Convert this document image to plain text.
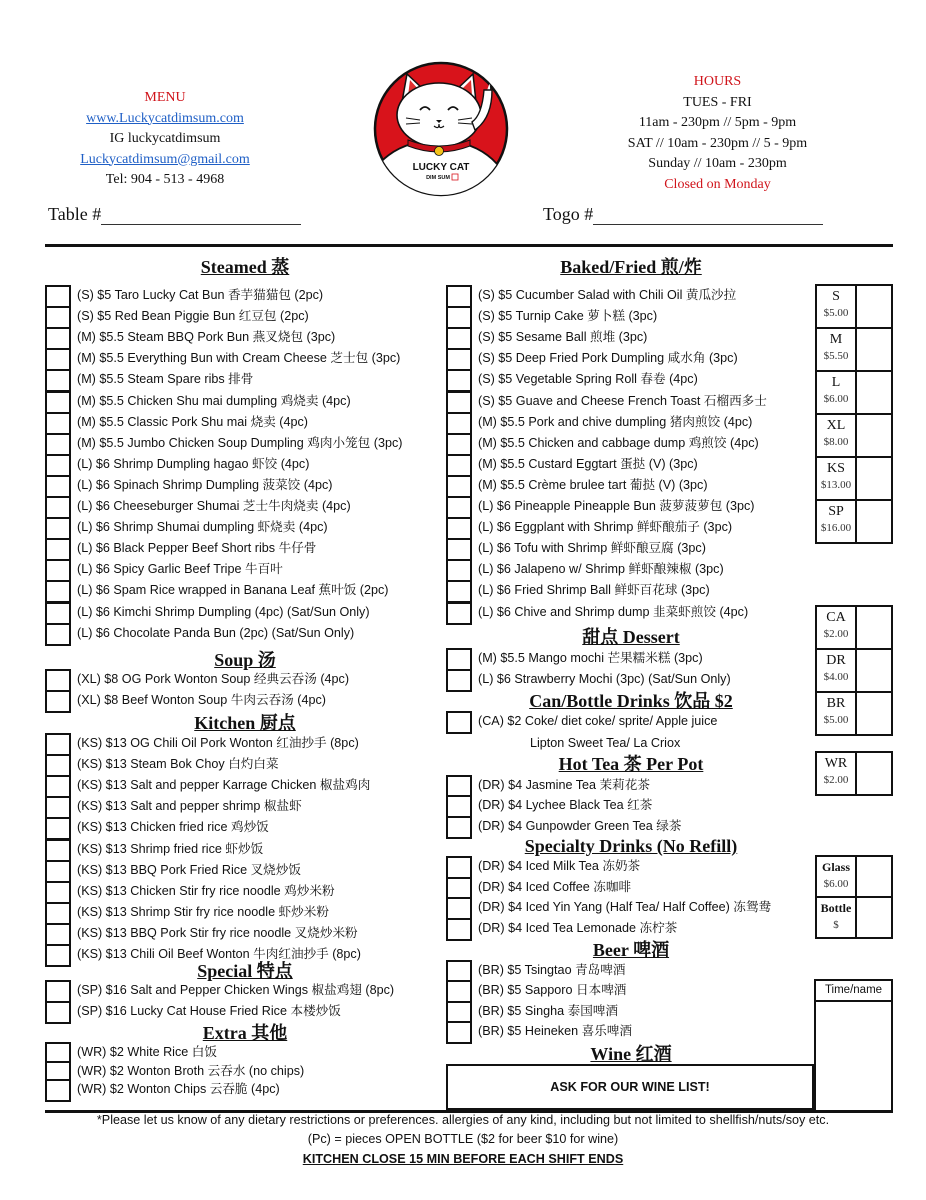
MENU
www.Luckycatdimsum.com
IG luckycatdimsum
Luckycatdimsum@gmail.com
Tel: 904 - 513 - 4968
LUCKY CAT
DIM SUM
HOURS
TUES - FRI
11am - 230pm // 5pm - 9pm
SAT // 10am - 230pm // 5 - 9pm
Sunday // 10am - 230pm
Closed on Monday
Table #	Togo #
Steamed 蒸
(S) $5 Taro Lucky Cat Bun 香芋猫猫包 (2pc)
(S) $5 Red Bean Piggie Bun 红豆包 (2pc)
(M) $5.5 Steam BBQ Pork Bun 燕叉烧包 (3pc)
(M) $5.5 Everything Bun with Cream Cheese 芝士包 (3pc)
(M) $5.5 Steam Spare ribs 排骨
(M) $5.5 Chicken Shu mai dumpling 鸡烧卖 (4pc)
(M) $5.5 Classic Pork Shu mai 烧卖 (4pc)
(M) $5.5 Jumbo Chicken Soup Dumpling 鸡肉小笼包 (3pc)
(L) $6 Shrimp Dumpling hagao 虾饺 (4pc)
(L) $6 Spinach Shrimp Dumpling 菠菜饺 (4pc)
(L) $6 Cheeseburger Shumai 芝士牛肉烧卖 (4pc)
(L) $6 Shrimp Shumai dumpling 虾烧卖 (4pc)
(L) $6 Black Pepper Beef Short ribs 牛仔骨
(L) $6 Spicy Garlic Beef Tripe 牛百叶
(L) $6 Spam Rice wrapped in Banana Leaf 蕉叶饭 (2pc)
(L) $6 Kimchi Shrimp Dumpling (4pc) (Sat/Sun Only)
(L) $6 Chocolate Panda Bun (2pc) (Sat/Sun Only)
Soup 汤
(XL) $8 OG Pork Wonton Soup 经典云吞汤 (4pc)
(XL) $8 Beef Wonton Soup 牛肉云吞汤 (4pc)
Kitchen 厨点
(KS) $13 OG Chili Oil Pork Wonton 红油抄手 (8pc)
(KS) $13 Steam Bok Choy 白灼白菜
(KS) $13 Salt and pepper Karrage Chicken 椒盐鸡肉
(KS) $13 Salt and pepper shrimp 椒盐虾
(KS) $13 Chicken fried rice 鸡炒饭
(KS) $13 Shrimp fried rice 虾炒饭
(KS) $13 BBQ Pork Fried Rice 叉烧炒饭
(KS) $13 Chicken Stir fry rice noodle 鸡炒米粉
(KS) $13 Shrimp Stir fry rice noodle 虾炒米粉
(KS) $13 BBQ Pork Stir fry rice noodle 叉烧炒米粉
(KS) $13 Chili Oil Beef Wonton 牛肉红油抄手 (8pc)
Special 特点
(SP) $16 Salt and Pepper Chicken Wings 椒盐鸡翅 (8pc)
(SP) $16 Lucky Cat House Fried Rice 本楼炒饭
Extra 其他
(WR) $2 White Rice 白饭
(WR) $2 Wonton Broth 云吞水 (no chips)
(WR) $2 Wonton Chips 云吞脆 (4pc)
Baked/Fried 煎/炸
(S) $5 Cucumber Salad with Chili Oil 黄瓜沙拉
(S) $5 Turnip Cake 萝卜糕 (3pc)
(S) $5 Sesame Ball 煎堆 (3pc)
(S) $5 Deep Fried Pork Dumpling 咸水角 (3pc)
(S) $5 Vegetable Spring Roll 春卷 (4pc)
(S) $5 Guave and Cheese French Toast 石榴西多士
(M) $5.5 Pork and chive dumpling 猪肉煎饺 (4pc)
(M) $5.5 Chicken and cabbage dump 鸡煎饺 (4pc)
(M) $5.5 Custard Eggtart 蛋挞 (V) (3pc)
(M) $5.5 Crème brulee tart 葡挞 (V) (3pc)
(L) $6 Pineapple Pineapple Bun 菠萝菠萝包 (3pc)
(L) $6 Eggplant with Shrimp 鲜虾酿茄子 (3pc)
(L) $6 Tofu with Shrimp 鲜虾酿豆腐 (3pc)
(L) $6 Jalapeno w/ Shrimp 鲜虾酿辣椒 (3pc)
(L) $6 Fried Shrimp Ball 鲜虾百花球 (3pc)
(L) $6 Chive and Shrimp dump 韭菜虾煎饺 (4pc)
甜点 Dessert
(M) $5.5 Mango mochi 芒果糯米糕 (3pc)
(L) $6 Strawberry Mochi (3pc) (Sat/Sun Only)
Can/Bottle Drinks 饮品 $2
(CA) $2 Coke/ diet coke/ sprite/ Apple juice
Lipton Sweet Tea/ La Criox
Hot Tea 茶 Per Pot
(DR) $4 Jasmine Tea 茉莉花茶
(DR) $4 Lychee Black Tea 红茶
(DR) $4 Gunpowder Green Tea 绿茶
Specialty Drinks (No Refill)
(DR) $4 Iced Milk Tea 冻奶茶
(DR) $4 Iced Coffee 冻咖啡
(DR) $4 Iced Yin Yang (Half Tea/ Half Coffee) 冻鸳鸯
(DR) $4 Iced Tea Lemonade 冻柠茶
Beer 啤酒
(BR) $5 Tsingtao 青岛啤酒
(BR) $5 Sapporo 日本啤酒
(BR) $5 Singha 泰国啤酒
(BR) $5 Heineken 喜乐啤酒
Wine 红酒
S
$5.00
M
$5.50
L
$6.00
XL
$8.00
KS
$13.00
SP
$16.00
CA
$2.00
DR
$4.00
BR
$5.00
WR
$2.00
Glass
$6.00
Bottle
$
ASK FOR OUR WINE LIST!
Time/name
*Please let us know of any dietary restrictions or preferences. allergies of any kind, including but not limited to shellfish/nuts/soy etc.
(Pc) = pieces OPEN BOTTLE ($2 for beer $10 for wine)
KITCHEN CLOSE 15 MIN BEFORE EACH SHIFT ENDS
